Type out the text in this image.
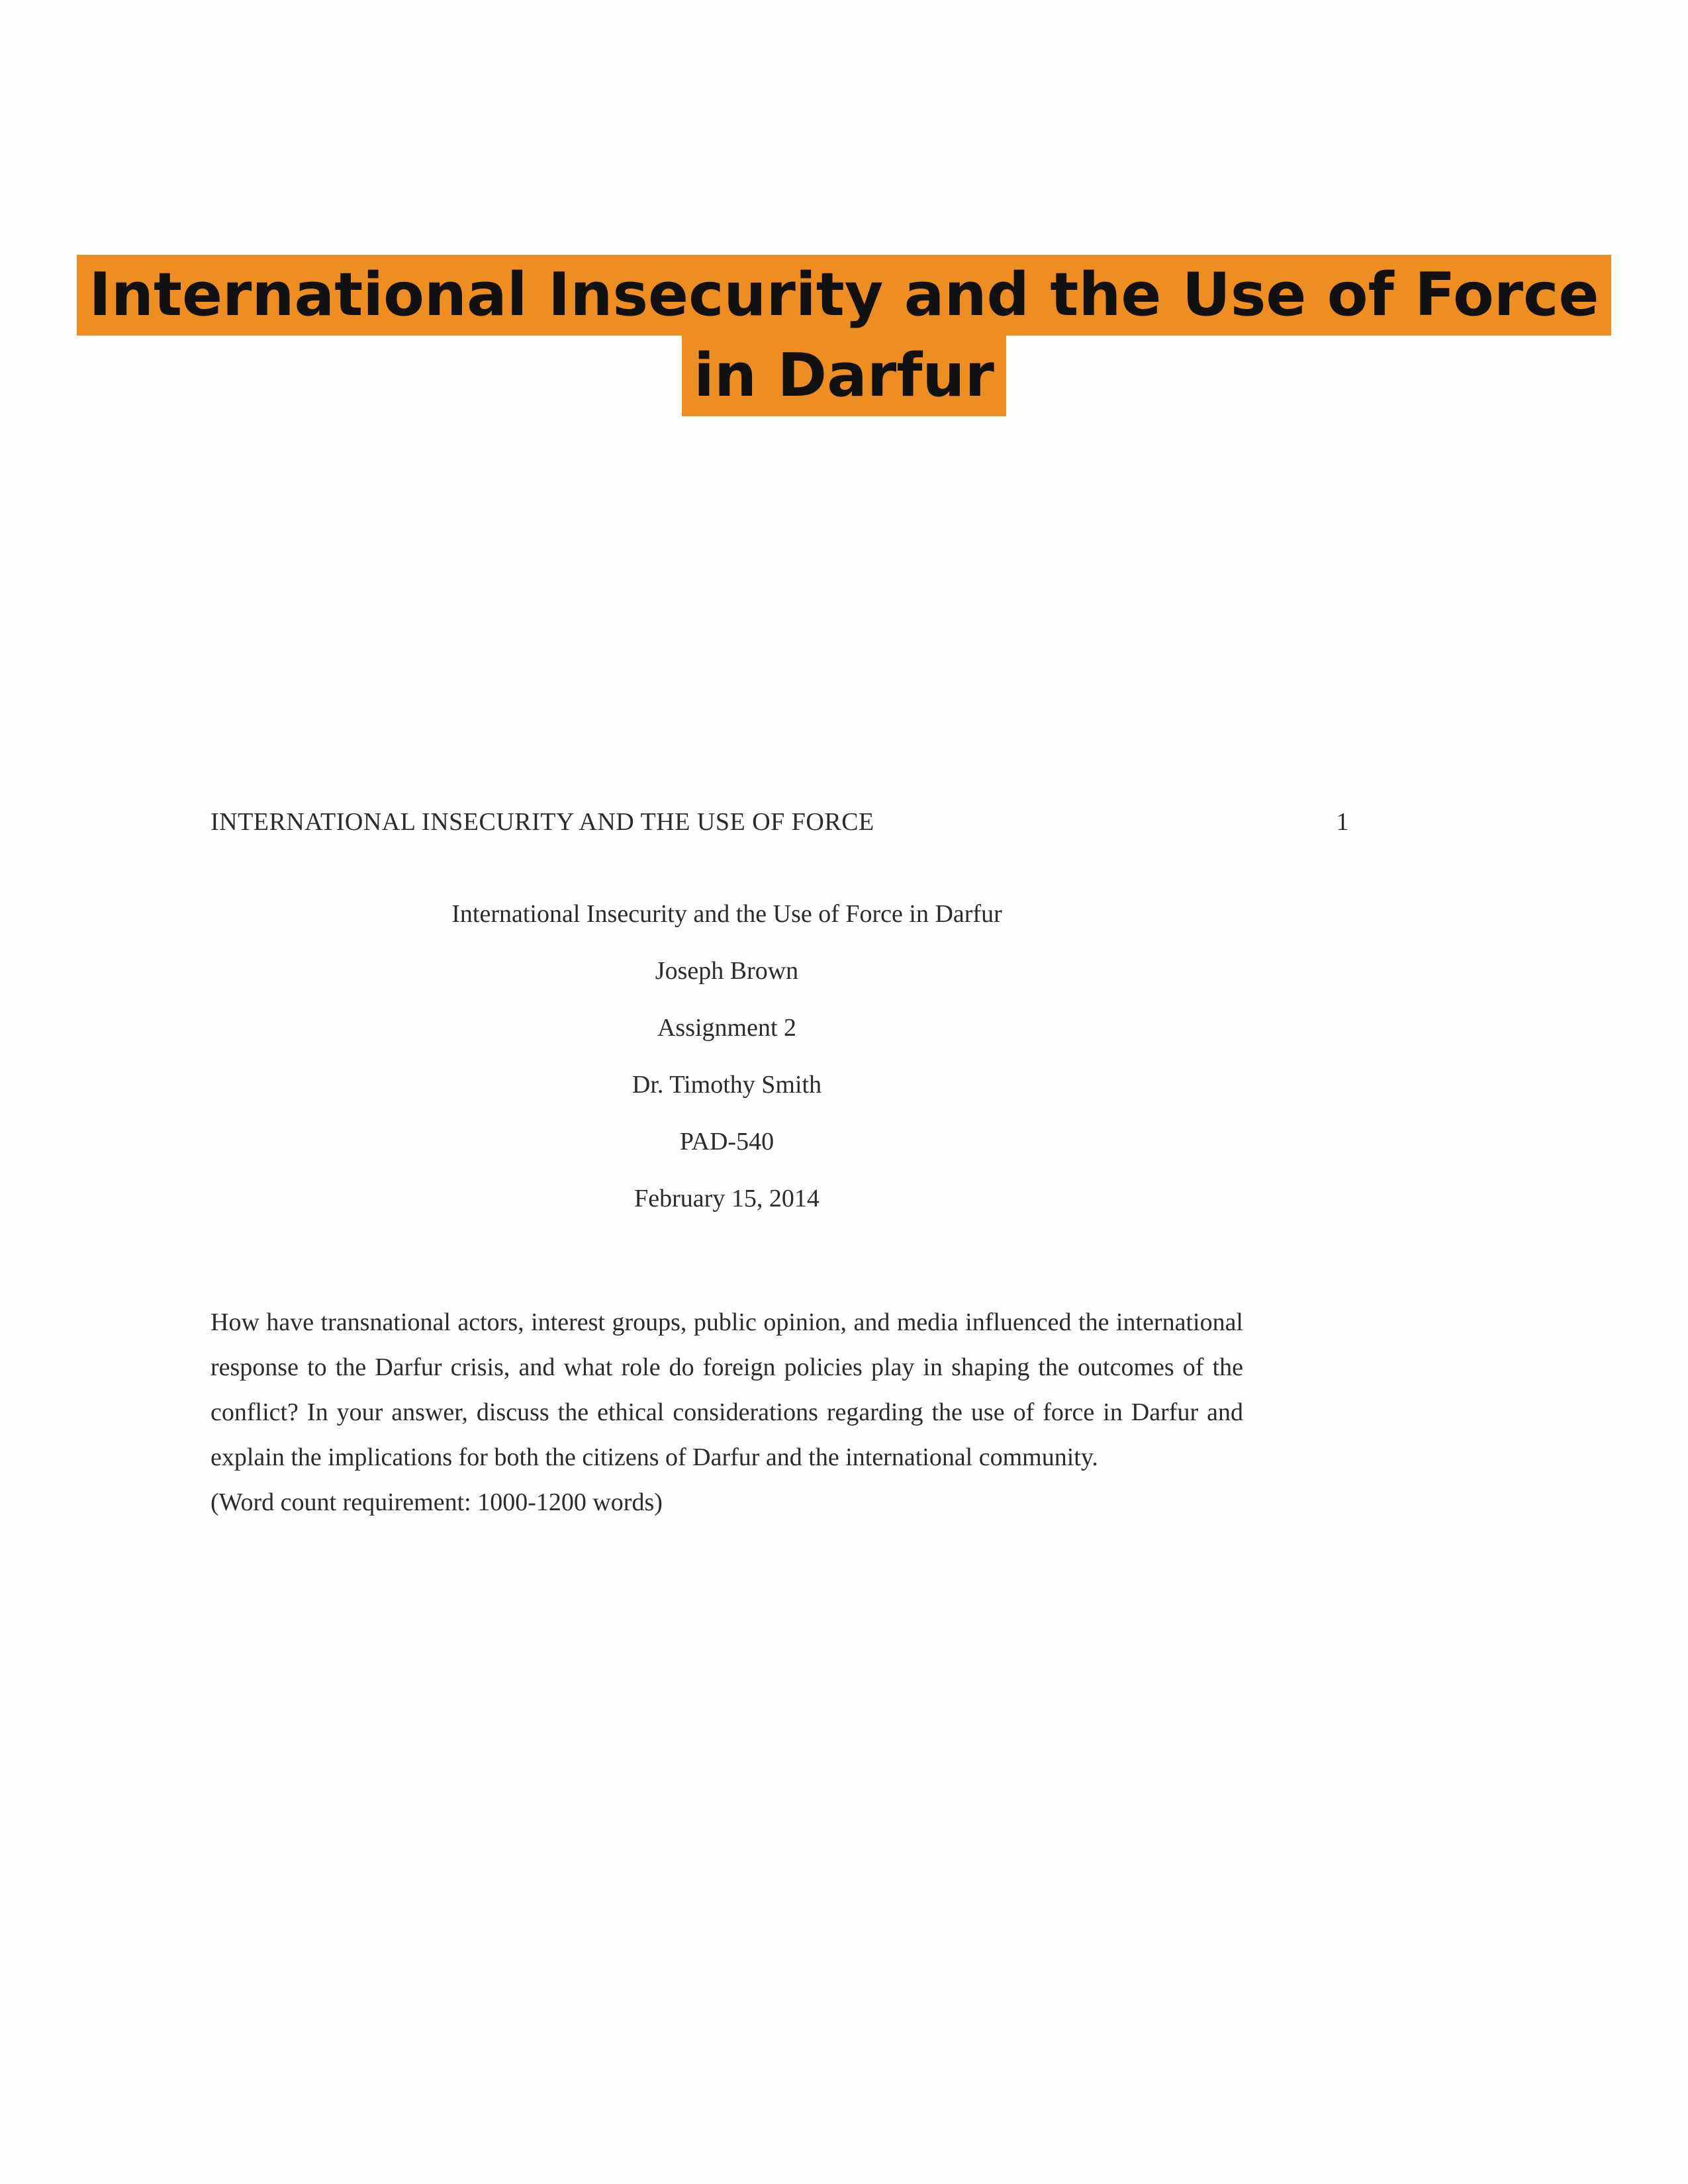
International Insecurity and the Use of Force
in Darfur
INTERNATIONAL INSECURITY AND THE USE OF FORCE	1
International Insecurity and the Use of Force in Darfur
Joseph Brown
Assignment 2
Dr. Timothy Smith
PAD-540
February 15, 2014
How have transnational actors, interest groups, public opinion, and media influenced the international response to the Darfur crisis, and what role do foreign policies play in shaping the outcomes of the conflict? In your answer, discuss the ethical considerations regarding the use of force in Darfur and explain the implications for both the citizens of Darfur and the international community.
(Word count requirement: 1000-1200 words)
